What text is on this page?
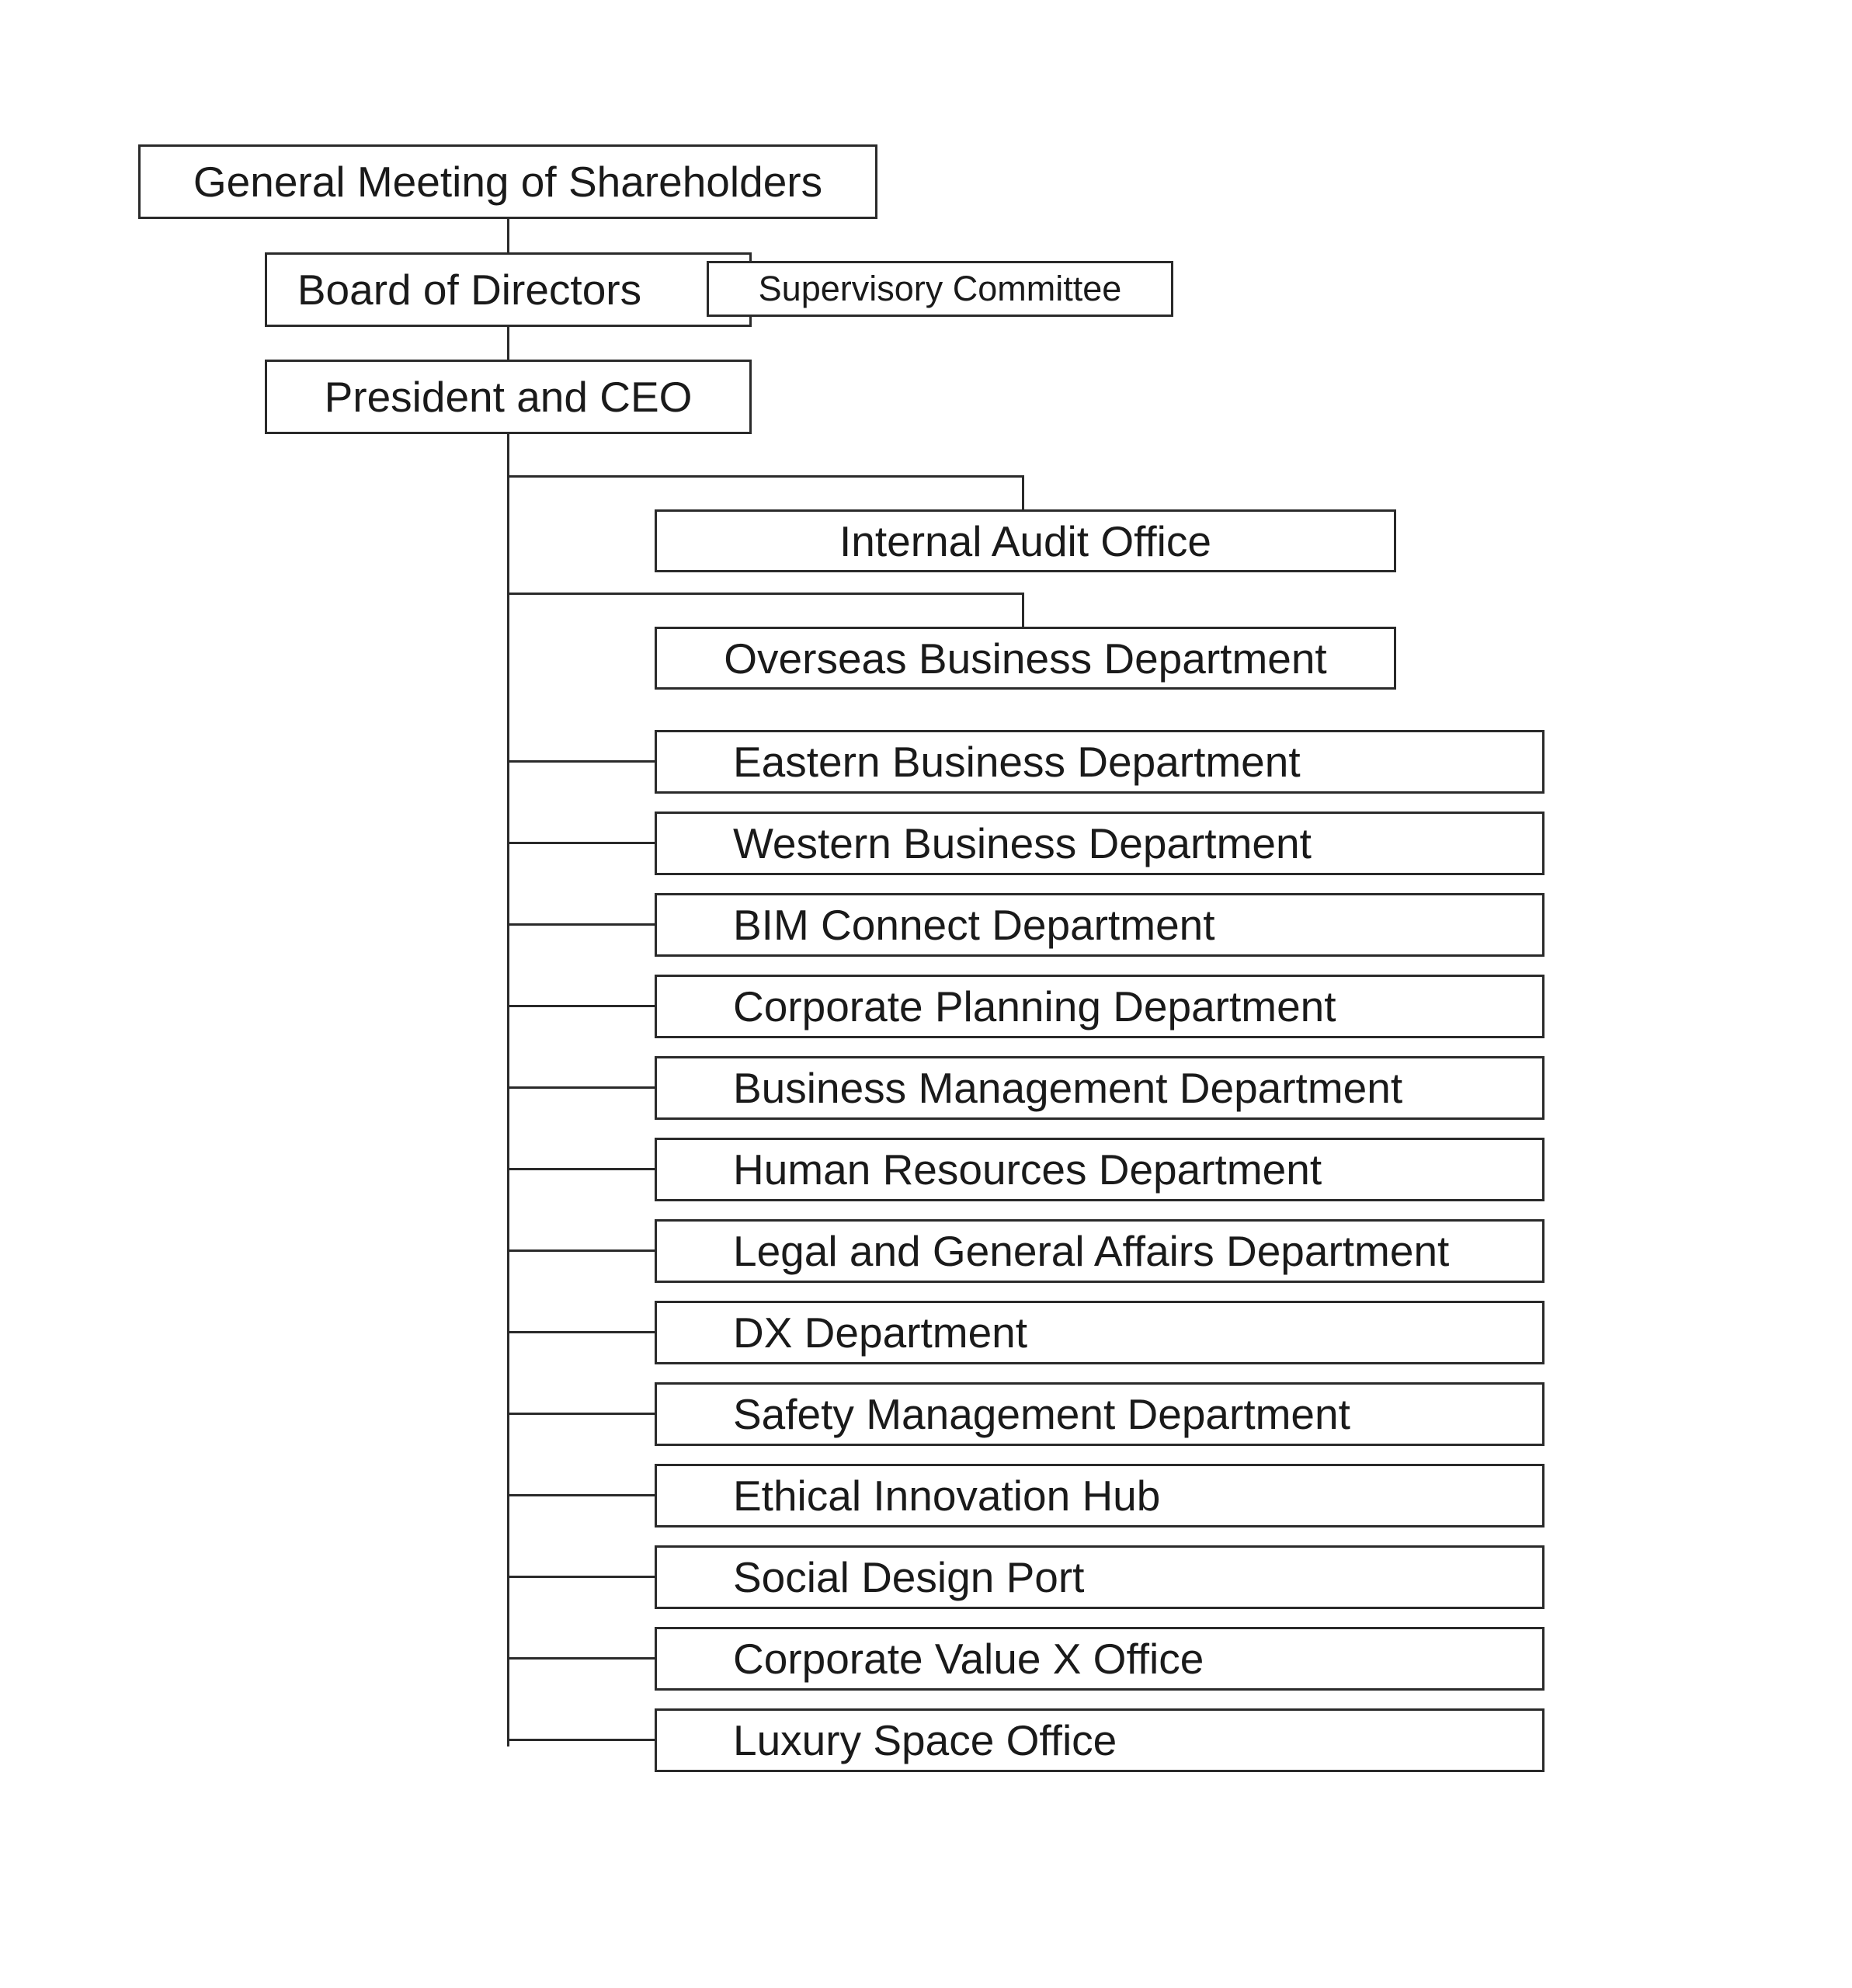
General Meeting of Shareholders
Board of Directors	Supervisory Committee
President and CEO
Internal Audit Office
Overseas Business Department
Eastern Business Department
Western Business Department
BIM Connect Department
Corporate Planning Department
Business Management Department
Human Resources Department
Legal and General Affairs Department
DX Department
Safety Management Department
Ethical Innovation Hub
Social Design Port
Corporate Value X Office
Luxury Space Office
